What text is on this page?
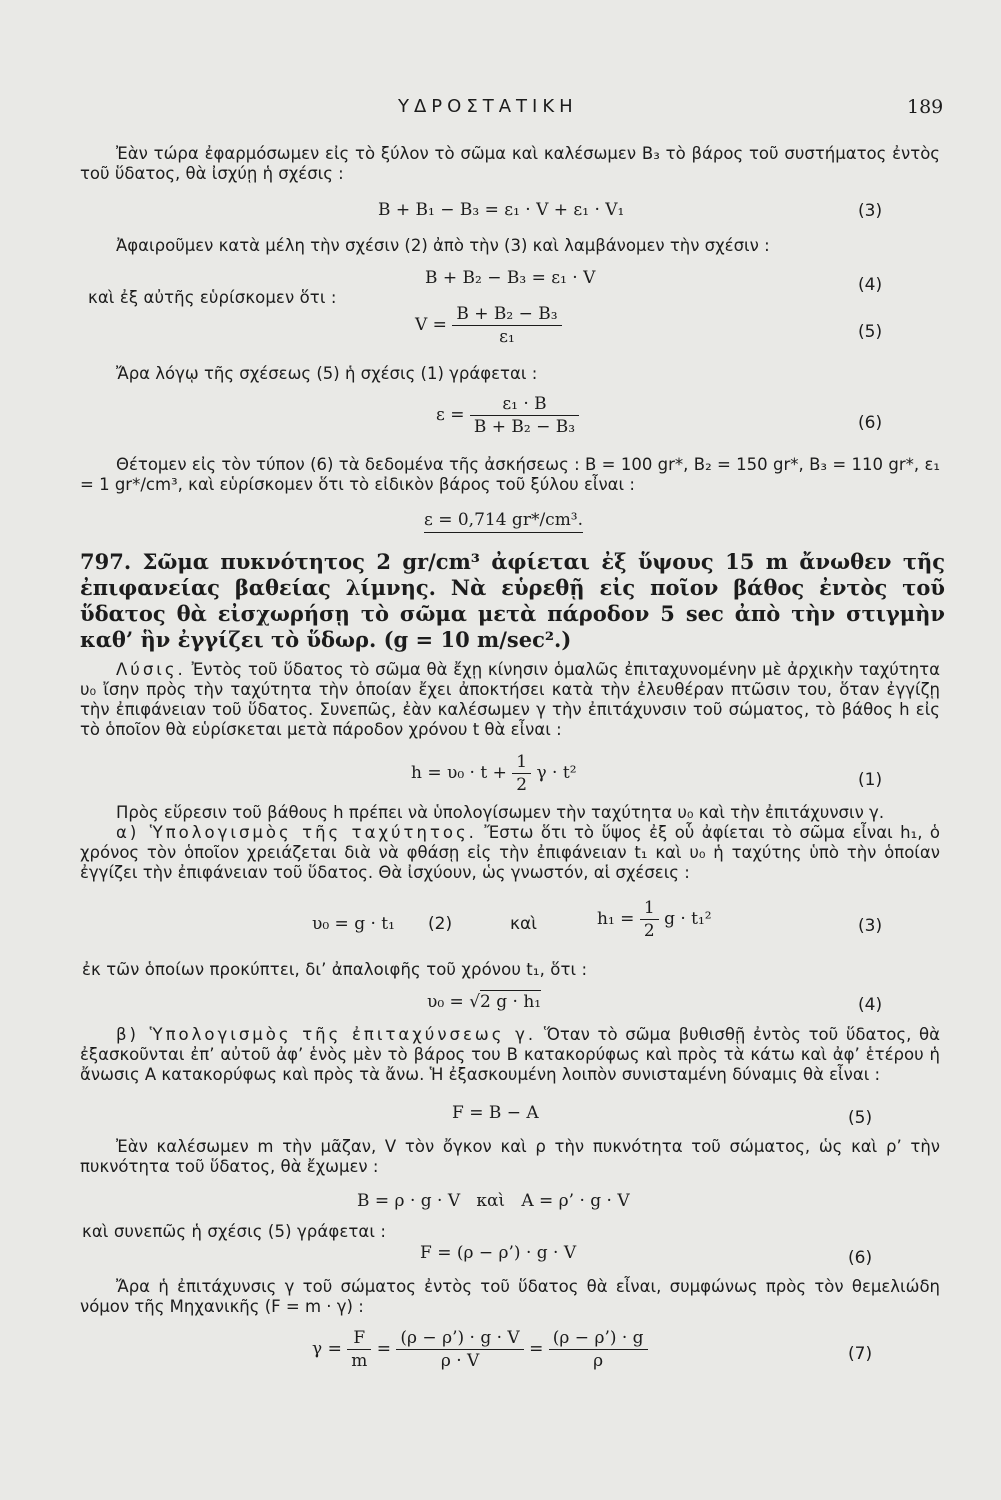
ΥΔΡΟΣΤΑΤΙΚΗ	189
Ἐὰν τώρα ἐφαρμόσωμεν εἰς τὸ ξύλον τὸ σῶμα καὶ καλέσωμεν B₃ τὸ βάρος τοῦ συστήματος ἐντὸς τοῦ ὕδατος, θὰ ἰσχύῃ ἡ σχέσις :
B + B₁ − B₃ = ε₁ · V + ε₁ · V₁	(3)
Ἀφαιροῦμεν κατὰ μέλη τὴν σχέσιν (2) ἀπὸ τὴν (3) καὶ λαμβάνομεν τὴν σχέσιν :
B + B₂ − B₃ = ε₁ · V	(4)
καὶ ἐξ αὐτῆς εὑρίσκομεν ὅτι :
$V = \frac{\text{B + B₂ − B₃}}{\text{ε₁}}$	(5)
Ἄρα λόγῳ τῆς σχέσεως (5) ἡ σχέσις (1) γράφεται :
$\varepsilon = \frac{\text{ε₁ · B}}{\text{B + B₂ − B₃}}$	(6)
Θέτομεν εἰς τὸν τύπον (6) τὰ δεδομένα τῆς ἀσκήσεως : B = 100 gr*, B₂ = 150 gr*, B₃ = 110 gr*, ε₁ = 1 gr*/cm³, καὶ εὑρίσκομεν ὅτι τὸ εἰδικὸν βάρος τοῦ ξύλου εἶναι :
ε = 0,714 gr*/cm³.
797. Σῶμα πυκνότητος 2 gr/cm³ ἀφίεται ἐξ ὕψους 15 m ἄνωθεν τῆς ἐπιφανείας βαθείας λίμνης. Νὰ εὑρεθῇ εἰς ποῖον βάθος ἐντὸς τοῦ ὕδατος θὰ εἰσχωρήσῃ τὸ σῶμα μετὰ πάροδον 5 sec ἀπὸ τὴν στιγμὴν καθ’ ἣν ἐγγίζει τὸ ὕδωρ. (g = 10 m/sec².)
Λύσις. Ἐντὸς τοῦ ὕδατος τὸ σῶμα θὰ ἔχῃ κίνησιν ὁμαλῶς ἐπιταχυνομένην μὲ ἀρχικὴν ταχύτητα υ₀ ἴσην πρὸς τὴν ταχύτητα τὴν ὁποίαν ἔχει ἀποκτήσει κατὰ τὴν ἐλευθέραν πτῶσιν του, ὅταν ἐγγίζῃ τὴν ἐπιφάνειαν τοῦ ὕδατος. Συνεπῶς, ἐὰν καλέσωμεν γ τὴν ἐπιτάχυνσιν τοῦ σώματος, τὸ βάθος h εἰς τὸ ὁποῖον θὰ εὑρίσκεται μετὰ πάροδον χρόνου t θὰ εἶναι :
$h = \upsilon_0 \cdot t + \frac{1}{2}$ γ · t²	(1)
Πρὸς εὕρεσιν τοῦ βάθους h πρέπει νὰ ὑπολογίσωμεν τὴν ταχύτητα υ₀ καὶ τὴν ἐπιτάχυνσιν γ.
α) Ὑπολογισμὸς τῆς ταχύτητος. Ἔστω ὅτι τὸ ὕψος ἐξ οὗ ἀφίεται τὸ σῶμα εἶναι h₁, ὁ χρόνος τὸν ὁποῖον χρειάζεται διὰ νὰ φθάσῃ εἰς τὴν ἐπιφάνειαν t₁ καὶ υ₀ ἡ ταχύτης ὑπὸ τὴν ὁποίαν ἐγγίζει τὴν ἐπιφάνειαν τοῦ ὕδατος. Θὰ ἰσχύουν, ὡς γνωστόν, αἱ σχέσεις :
υ₀ = g · t₁ (2)	καὶ	$h_1 = \frac{1}{2}$ g · t₁²	(3)
ἐκ τῶν ὁποίων προκύπτει, δι’ ἀπαλοιφῆς τοῦ χρόνου t₁, ὅτι :
υ₀ = √2 g · h₁	(4)
β) Ὑπολογισμὸς τῆς ἐπιταχύνσεως γ. Ὅταν τὸ σῶμα βυθισθῇ ἐντὸς τοῦ ὕδατος, θὰ ἐξασκοῦνται ἐπ’ αὐτοῦ ἀφ’ ἑνὸς μὲν τὸ βάρος του B κατακορύφως καὶ πρὸς τὰ κάτω καὶ ἀφ’ ἑτέρου ἡ ἄνωσις A κατακορύφως καὶ πρὸς τὰ ἄνω. Ἡ ἐξασκουμένη λοιπὸν συνισταμένη δύναμις θὰ εἶναι :
F = B − A	(5)
Ἐὰν καλέσωμεν m τὴν μᾶζαν, V τὸν ὄγκον καὶ ρ τὴν πυκνότητα τοῦ σώματος, ὡς καὶ ρ’ τὴν πυκνότητα τοῦ ὕδατος, θὰ ἔχωμεν :
B = ρ · g · V   καὶ   A = ρ’ · g · V
καὶ συνεπῶς ἡ σχέσις (5) γράφεται :
F = (ρ − ρ’) · g · V	(6)
Ἄρα ἡ ἐπιτάχυνσις γ τοῦ σώματος ἐντὸς τοῦ ὕδατος θὰ εἶναι, συμφώνως πρὸς τὸν θεμελιώδη νόμον τῆς Μηχανικῆς (F = m · γ) :
$\gamma = \frac{F}{m} = \frac{(\rho - \rho’) \cdot g \cdot V}{\rho \cdot V} = \frac{(\rho - \rho’) \cdot g}{\rho}$	(7)
